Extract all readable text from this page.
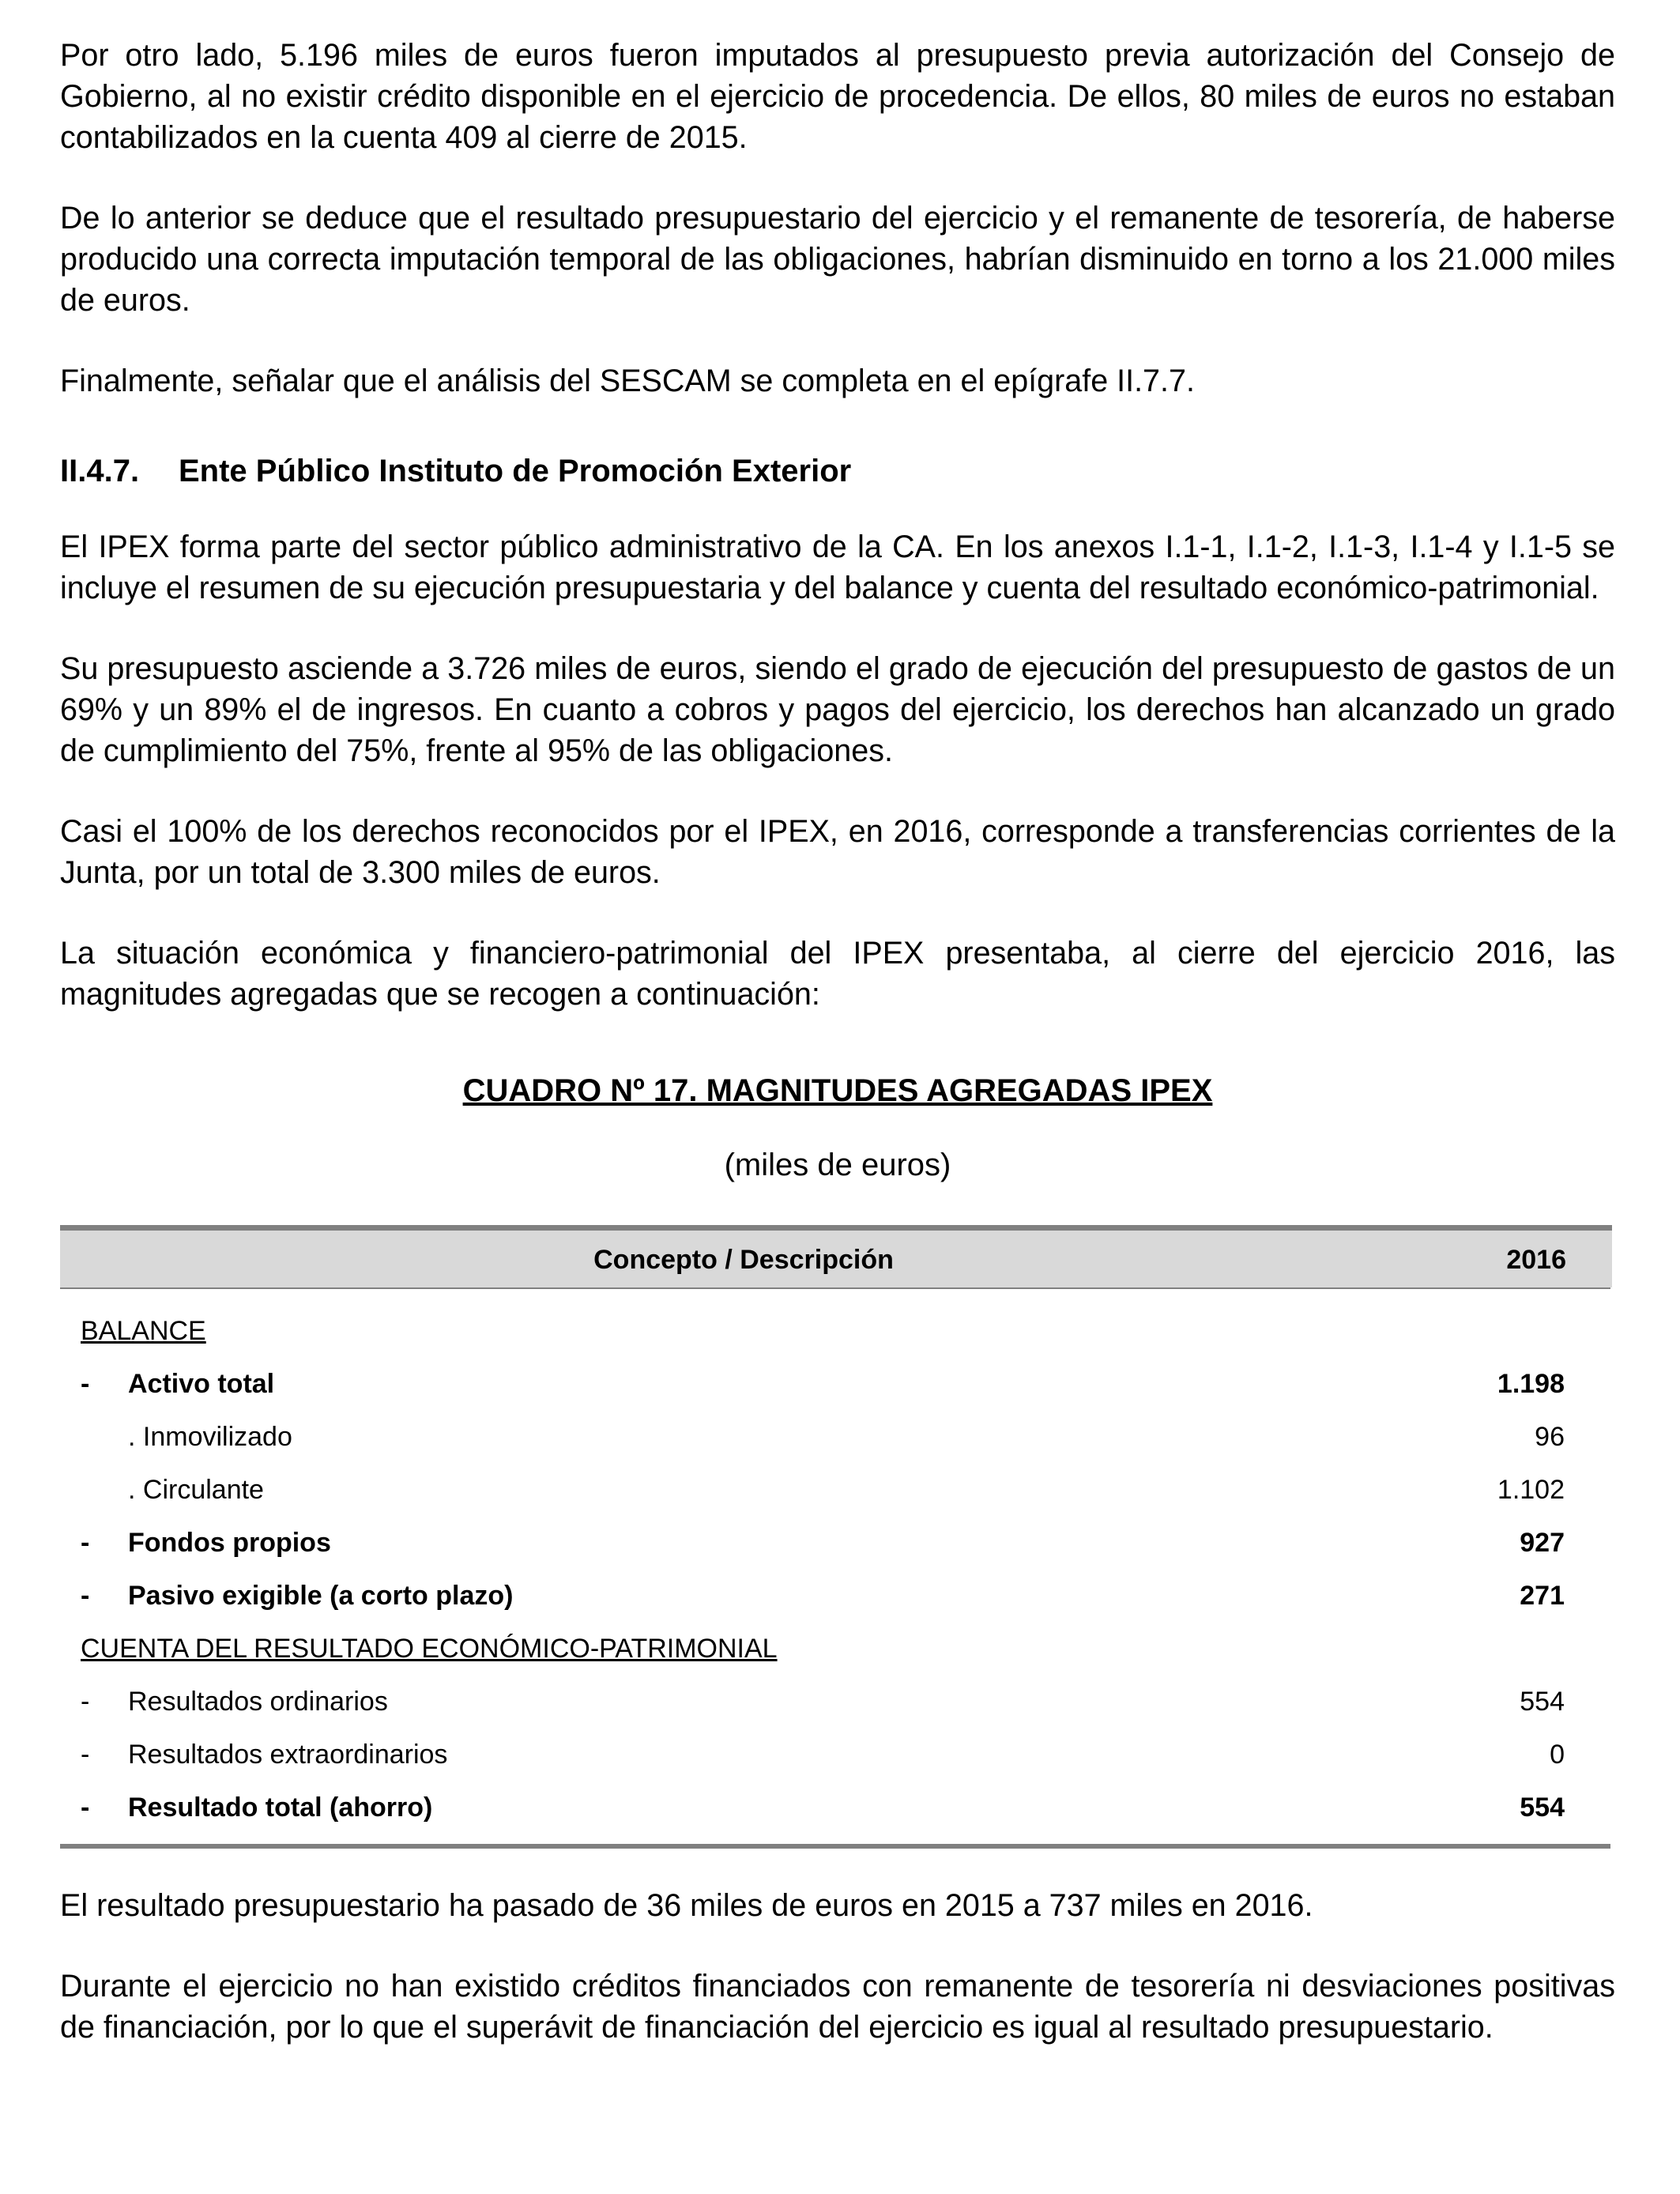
Por otro lado, 5.196 miles de euros fueron imputados al presupuesto previa autorización del Consejo de Gobierno, al no existir crédito disponible en el ejercicio de procedencia. De ellos, 80 miles de euros no estaban contabilizados en la cuenta 409 al cierre de 2015.

De lo anterior se deduce que el resultado presupuestario del ejercicio y el remanente de tesorería, de haberse producido una correcta imputación temporal de las obligaciones, habrían disminuido en torno a los 21.000 miles de euros.

Finalmente, señalar que el análisis del SESCAM se completa en el epígrafe II.7.7.

II.4.7. Ente Público Instituto de Promoción Exterior

El IPEX forma parte del sector público administrativo de la CA. En los anexos I.1-1, I.1-2, I.1-3, I.1-4 y I.1-5 se incluye el resumen de su ejecución presupuestaria y del balance y cuenta del resultado económico-patrimonial.

Su presupuesto asciende a 3.726 miles de euros, siendo el grado de ejecución del presupuesto de gastos de un 69% y un 89% el de ingresos. En cuanto a cobros y pagos del ejercicio, los derechos han alcanzado un grado de cumplimiento del 75%, frente al 95% de las obligaciones.

Casi el 100% de los derechos reconocidos por el IPEX, en 2016, corresponde a transferencias corrientes de la Junta, por un total de 3.300 miles de euros.

La situación económica y financiero-patrimonial del IPEX presentaba, al cierre del ejercicio 2016, las magnitudes agregadas que se recogen a continuación:

CUADRO Nº 17. MAGNITUDES AGREGADAS IPEX
(miles de euros)
Concepto / Descripción	2016
BALANCE
- Activo total	1.198
. Inmovilizado	96
. Circulante	1.102
- Fondos propios	927
- Pasivo exigible (a corto plazo)	271
CUENTA DEL RESULTADO ECONÓMICO-PATRIMONIAL
- Resultados ordinarios	554
- Resultados extraordinarios	0
- Resultado total (ahorro)	554

El resultado presupuestario ha pasado de 36 miles de euros en 2015 a 737 miles en 2016.

Durante el ejercicio no han existido créditos financiados con remanente de tesorería ni desviaciones positivas de financiación, por lo que el superávit de financiación del ejercicio es igual al resultado presupuestario.
